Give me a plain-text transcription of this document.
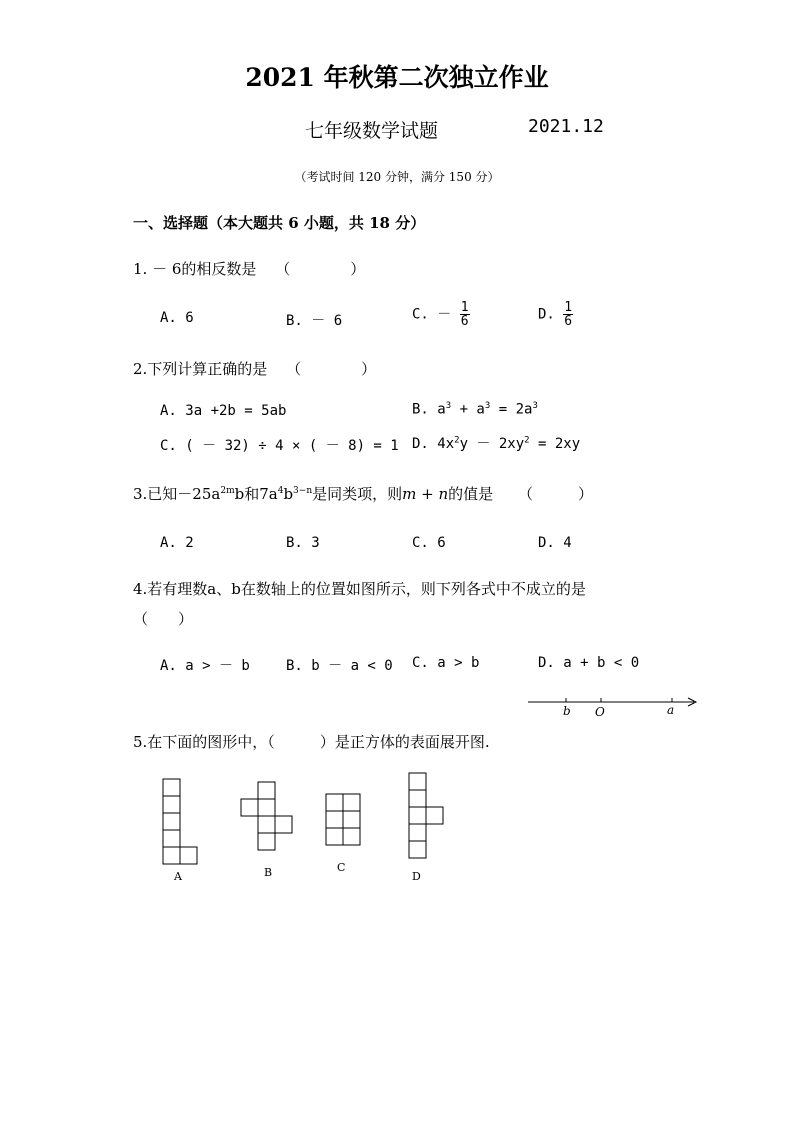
2021 年秋第二次独立作业
七年级数学试题	2021.12
（考试时间 120 分钟，满分 150 分）
一、选择题（本大题共 6 小题，共 18 分）
1. － 6的相反数是 （　　　　）
A. 6	B. － 6	C. － $\frac{1}{6}$	D. $\frac{1}{6}$
2.下列计算正确的是 （　　　　）
A. 3a +2b = 5ab	B. $a^3 + a^3 = 2a^3$
C. ( － 32) ÷ 4 × ( － 8) = 1 D. $4x^2y - 2xy^2 = 2xy$
3.已知$-25a^{2m}b$和$7a^4b^{3-n}$是同类项，则m + n的值是 （　　　）
A. 2	B. 3	C. 6	D. 4
4.若有理数a、b在数轴上的位置如图所示，则下列各式中不成立的是
（　　）
A. a > － b	B. b － a < 0 C. a > b	D. a + b < 0
b O	a
5.在下面的图形中，（　　　）是正方体的表面展开图.
A	B	C
D
